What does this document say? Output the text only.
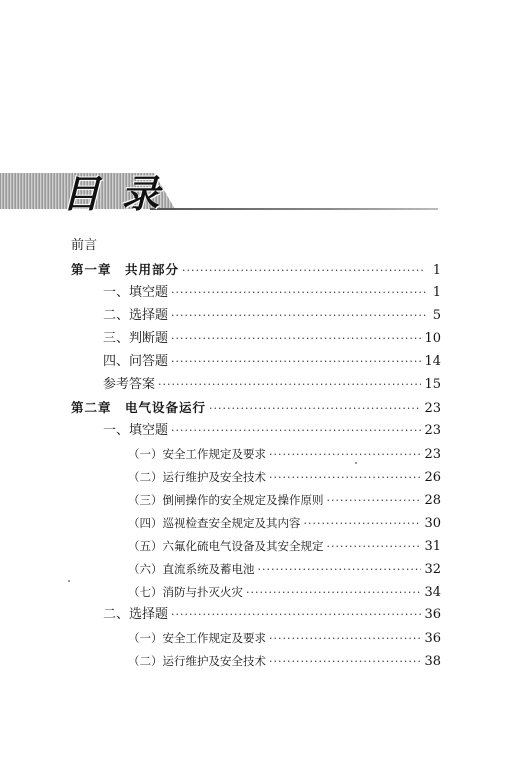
目 录
前言
第一章　共用部分 ·····	1
一、填空题 ·····	1
二、选择题 ·····	5
三、判断题 ·····	10
四、问答题 ·····	14
参考答案 ·····	15
第二章　电气设备运行 ·····	23
一、填空题 ·····	23
（一）安全工作规定及要求 ·····	23
（二）运行维护及安全技术 ·····	26
（三）倒闸操作的安全规定及操作原则 ·····	28
（四）巡视检查安全规定及其内容 ·····	30
（五）六氟化硫电气设备及其安全规定 ·····	31
（六）直流系统及蓄电池 ·····	32
（七）消防与扑灭火灾 ·····	34
二、选择题 ·····	36
（一）安全工作规定及要求 ·····	36
（二）运行维护及安全技术 ·····	38
